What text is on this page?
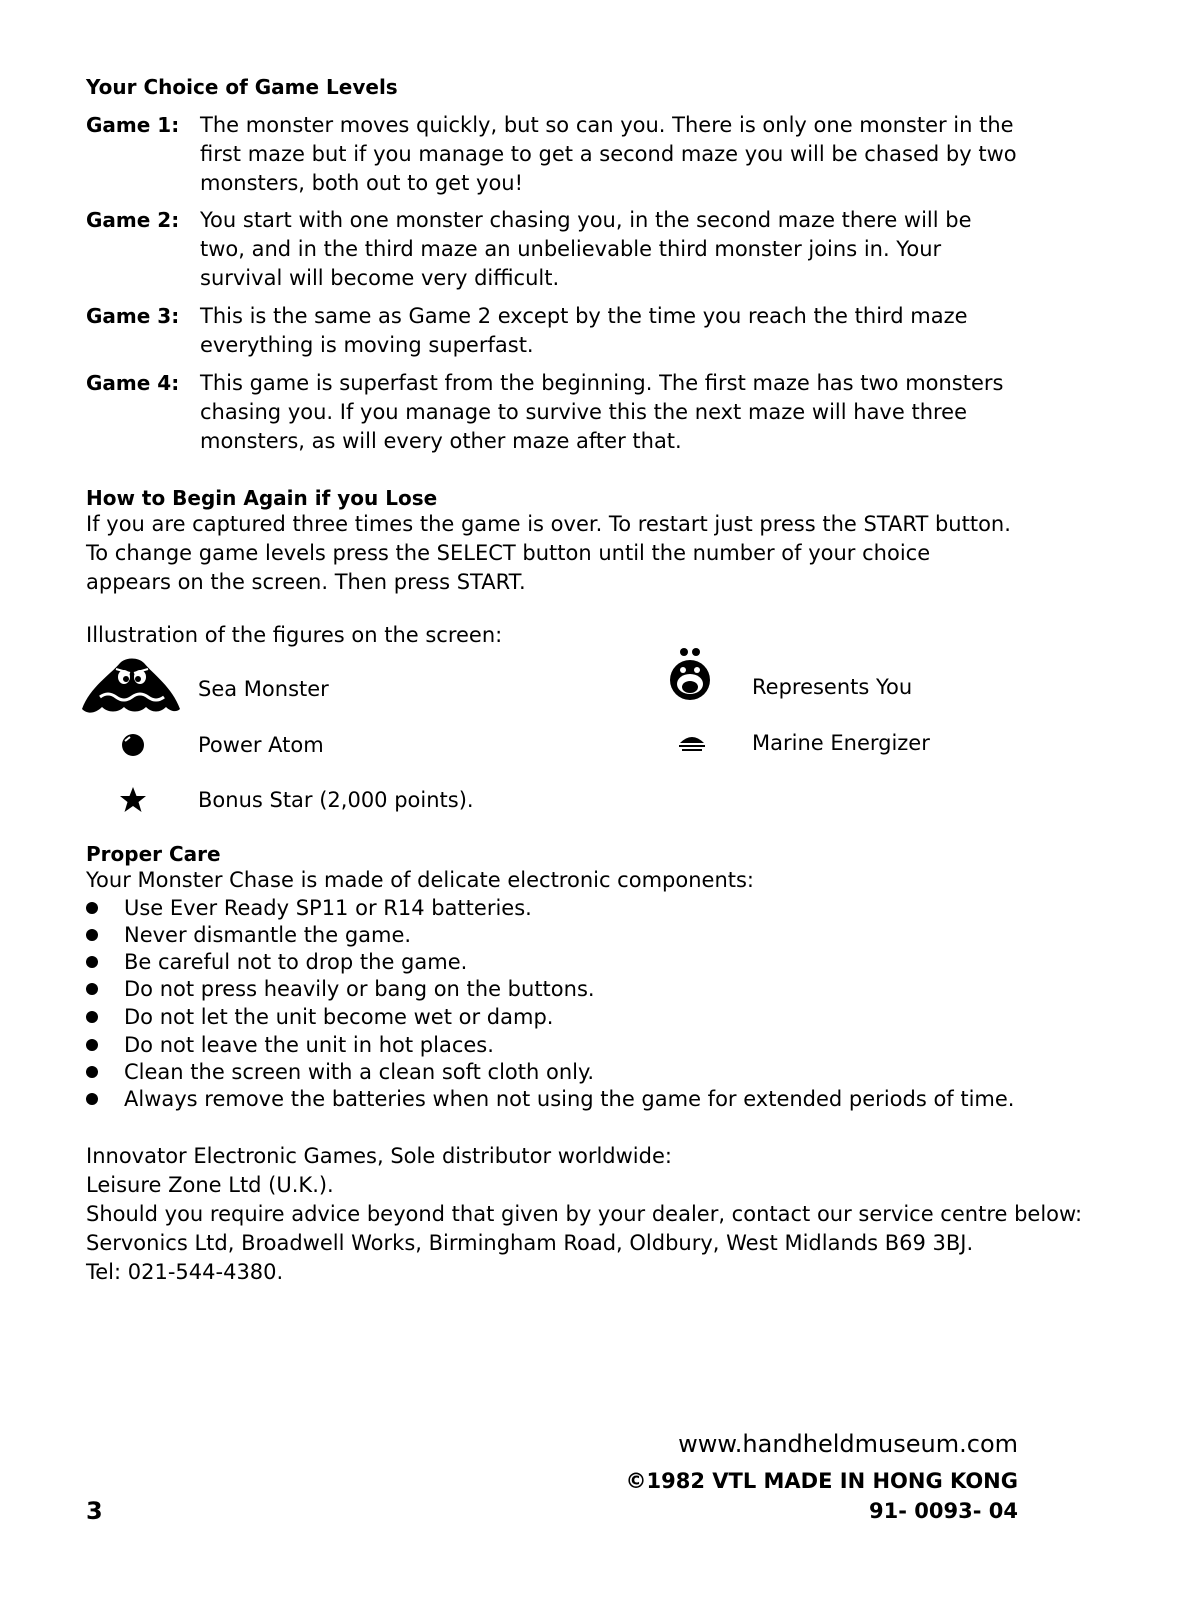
Your Choice of Game Levels
Game 1: The monster moves quickly, but so can you. There is only one monster in the
first maze but if you manage to get a second maze you will be chased by two
monsters, both out to get you!
Game 2: You start with one monster chasing you, in the second maze there will be
two, and in the third maze an unbelievable third monster joins in. Your
survival will become very difficult.
Game 3: This is the same as Game 2 except by the time you reach the third maze
everything is moving superfast.
Game 4: This game is superfast from the beginning. The first maze has two monsters
chasing you. If you manage to survive this the next maze will have three
monsters, as will every other maze after that.
How to Begin Again if you Lose
If you are captured three times the game is over. To restart just press the START button.
To change game levels press the SELECT button until the number of your choice
appears on the screen. Then press START.
Illustration of the figures on the screen:
Sea Monster	Represents You
Power Atom	Marine Energizer
Bonus Star (2,000 points).
Proper Care
Your Monster Chase is made of delicate electronic components:
Use Ever Ready SP11 or R14 batteries.
Never dismantle the game.
Be careful not to drop the game.
Do not press heavily or bang on the buttons.
Do not let the unit become wet or damp.
Do not leave the unit in hot places.
Clean the screen with a clean soft cloth only.
Always remove the batteries when not using the game for extended periods of time.
Innovator Electronic Games, Sole distributor worldwide:
Leisure Zone Ltd (U.K.).
Should you require advice beyond that given by your dealer, contact our service centre below:
Servonics Ltd, Broadwell Works, Birmingham Road, Oldbury, West Midlands B69 3BJ.
Tel: 021-544-4380.
www.handheldmuseum.com
©1982 VTL MADE IN HONG KONG
91- 0093- 04
3
